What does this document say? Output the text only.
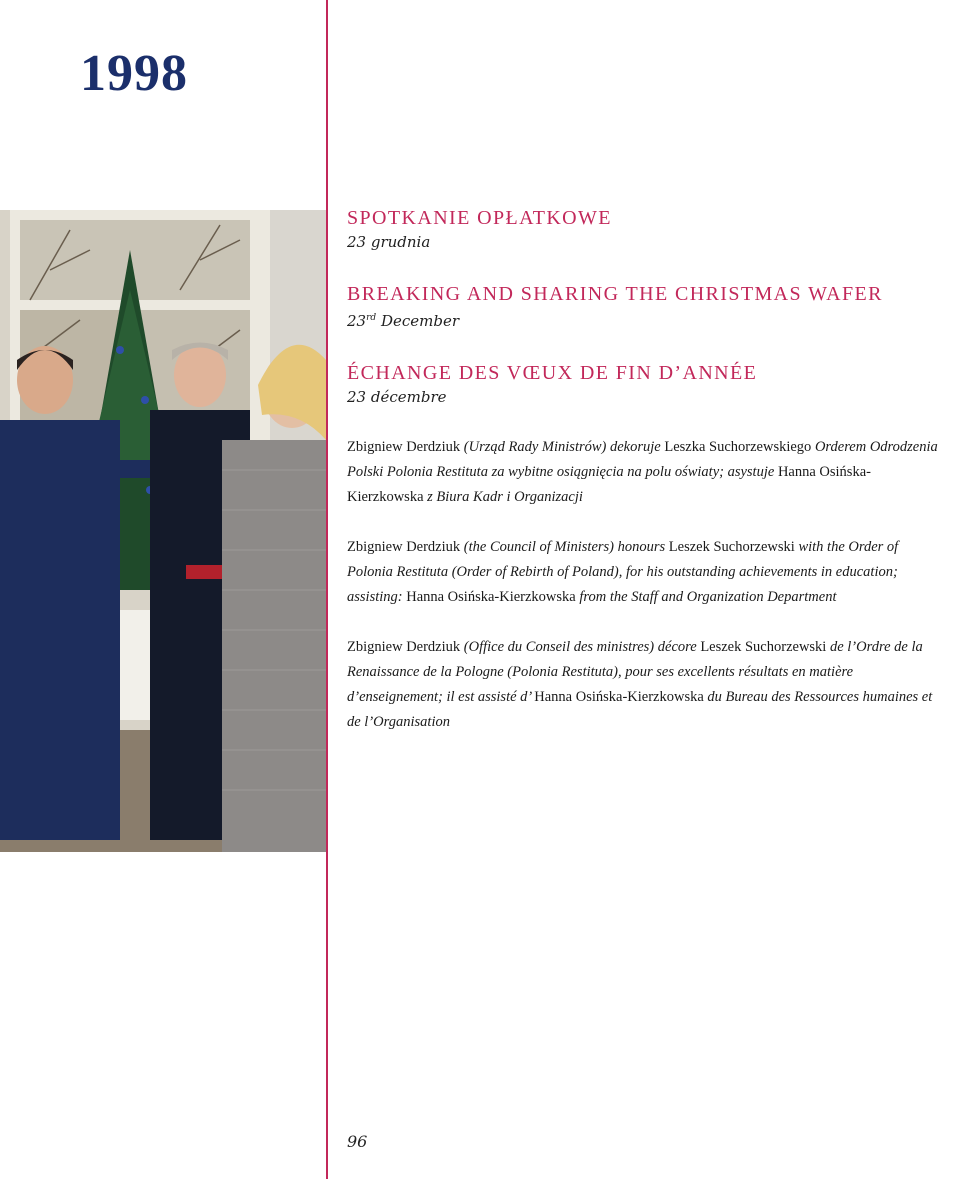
1998
SPOTKANIE OPŁATKOWE
23 grudnia
BREAKING AND SHARING THE CHRISTMAS WAFER
23rd December
ÉCHANGE DES VŒUX DE FIN D’ANNÉE
23 décembre

Zbigniew Derdziuk (Urząd Rady Ministrów) dekoruje Leszka Suchorzewskiego Orderem Odrodzenia Polski Polonia Restituta za wybitne osiągnięcia na polu oświaty; asystuje Hanna Osińska-Kierzkowska z Biura Kadr i Organizacji

Zbigniew Derdziuk (the Council of Ministers) honours Leszek Suchorzewski with the Order of Polonia Restituta (Order of Rebirth of Poland), for his outstanding achievements in education; assisting: Hanna Osińska-Kierzkowska from the Staff and Organization Department

Zbigniew Derdziuk (Office du Conseil des ministres) décore Leszek Suchorzewski de l’Ordre de la Renaissance de la Pologne (Polonia Restituta), pour ses excellents résultats en matière d’enseignement; il est assisté d’ Hanna Osińska-Kierzkowska du Bureau des Ressources humaines et de l’Organisation

96
